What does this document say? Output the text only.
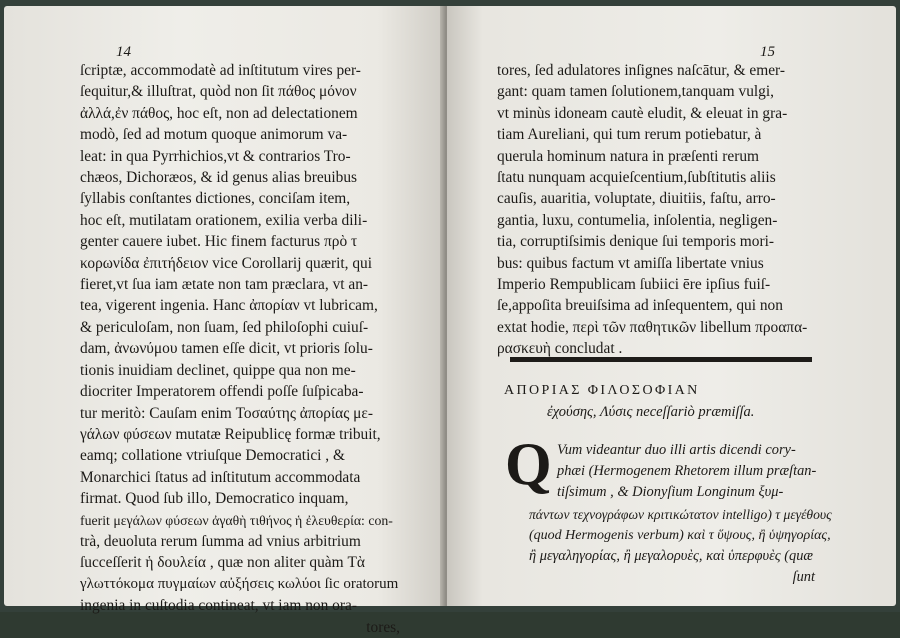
14
ſcriptæ, accommodatè ad inſtitutum vires per-
ſequitur,& illuſtrat, quòd non ſit πάθος μόνον
ἀλλά,ἐν πάθος, hoc eſt, non ad delectationem
modò, ſed ad motum quoque animorum va-
leat: in qua Pyrrhichios,vt & contrarios Tro-
chæos, Dichoræos, & id genus alias breuibus
ſyllabis conſtantes dictiones, conciſam item,
hoc eſt, mutilatam orationem, exilia verba dili-
genter cauere iubet. Hic finem facturus πρὸ τ
κορωνίδα ἐπιτήδειον vice Corollarij quærit, qui
fieret,vt ſua iam ætate non tam præclara, vt an-
tea, vigerent ingenia. Hanc ἀπορίαν vt lubricam,
& periculoſam, non ſuam, ſed philoſophi cuiuſ-
dam, ἀνωνύμου tamen eſſe dicit, vt prioris ſolu-
tionis inuidiam declinet, quippe qua non me-
diocriter Imperatorem offendi poſſe ſuſpicaba-
tur meritò: Cauſam enim Τοσαύτης ἀπορίας με-
γάλων φύσεων mutatæ Reipublicę formæ tribuit,
eamq; collatione vtriuſque Democratici , &
Monarchici ſtatus ad inſtitutum accommodata
firmat. Quod ſub illo, Democratico inquam,
fuerit μεγάλων φύσεων ἀγαθὴ τιθήνος ἡ ἐλευθερία: con-
trà, deuoluta rerum ſumma ad vnius arbitrium
ſucceſſerit ἡ δουλεία , quæ non aliter quàm Τὰ
γλωττόκομα πυγμαίων αὐξήσεις κωλύοι ſic oratorum
ingenia in cuſtodia contineat, vt iam non ora-
tores,
15
tores, ſed adulatores inſignes naſcātur, & emer-
gant: quam tamen ſolutionem,tanquam vulgi,
vt minùs idoneam cautè eludit, & eleuat in gra-
tiam Aureliani, qui tum rerum potiebatur, à
querula hominum natura in præſenti rerum
ſtatu nunquam acquieſcentium,ſubſtitutis aliis
cauſis, auaritia, voluptate, diuitiis, faſtu, arro-
gantia, luxu, contumelia, inſolentia, negligen-
tia, corruptiſsimis denique ſui temporis mori-
bus: quibus factum vt amiſſa libertate vnius
Imperio Rempublicam ſubiici ēre ipſius fuiſ-
ſe,appoſita breuiſsima ad inſequentem, qui non
extat hodie, περὶ τῶν παθητικῶν libellum προαπα-
ρασκευὴ concludat .
ΑΠΟΡΙΑΣ ΦΙΛΟΣΟΦΙΑΝ
ἐχούσης, Λύσις neceſſariò præmiſſa.
Q Vum videantur duo illi artis dicendi cory-
phæi (Hermogenem Rhetorem illum præſtan-
tiſsimum , & Dionyſium Longinum ξυμ-
πάντων τεχνογράφων κριτικώτατον intelligo) τ μεγέθους
(quod Hermogenis verbum) καὶ τ ὕψους, ἢ ὑψηγορίας,
ἢ μεγαληγορίας, ἢ μεγαλορυὲς, καὶ ὑπερφυὲς (quæ
ſunt
